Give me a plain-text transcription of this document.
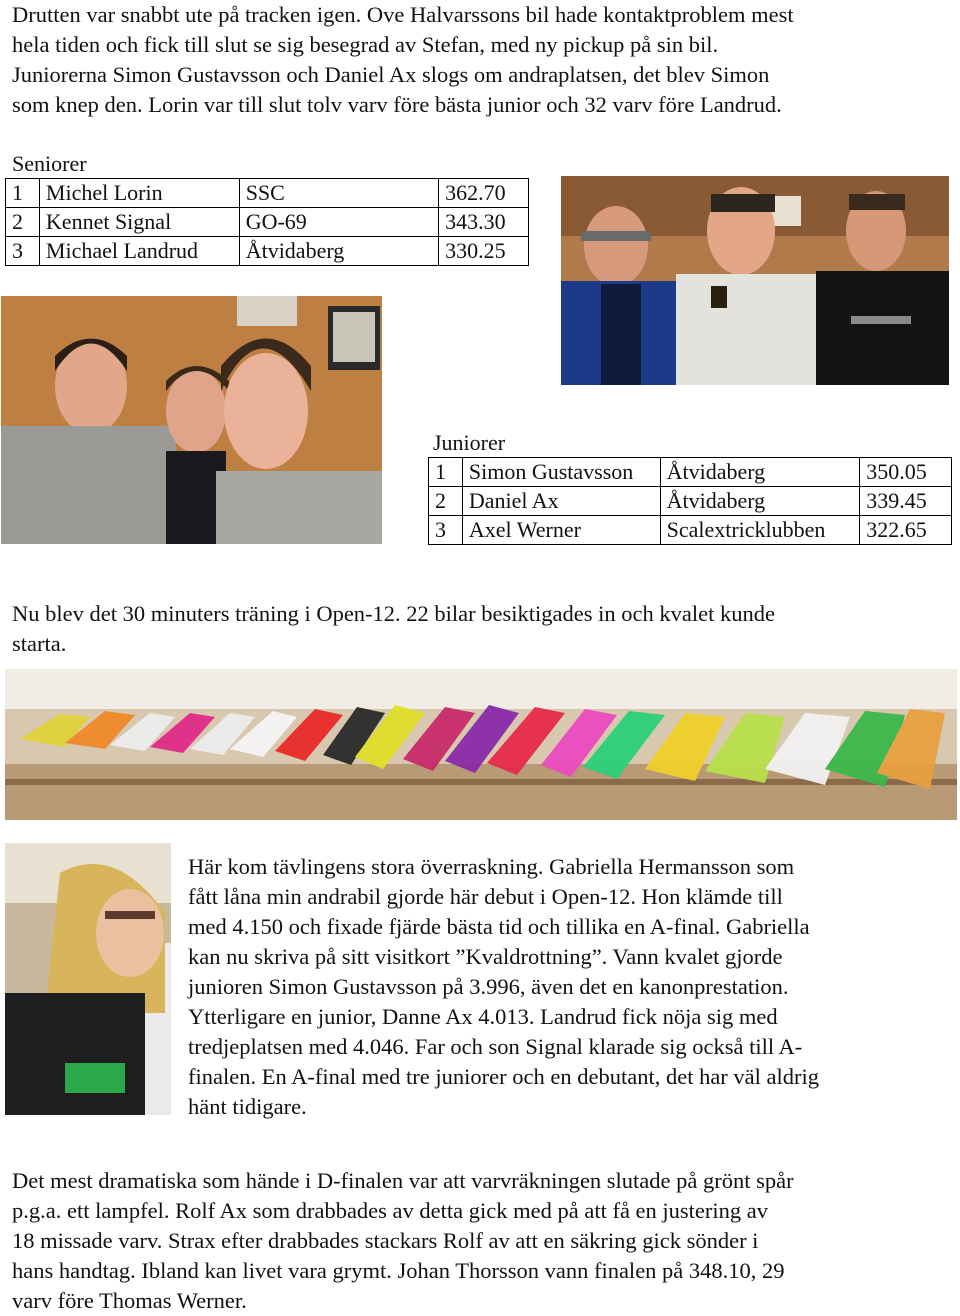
Drutten var snabbt ute på tracken igen. Ove Halvarssons bil hade kontaktproblem mest
hela tiden och fick till slut se sig besegrad av Stefan, med ny pickup på sin bil.
Juniorerna Simon Gustavsson och Daniel Ax slogs om andraplatsen, det blev Simon
som knep den. Lorin var till slut tolv varv före bästa junior och 32 varv före Landrud.
Seniorer
1	Michel Lorin	SSC	362.70
2	Kennet Signal	GO-69	343.30
3	Michael Landrud	Åtvidaberg	330.25
Juniorer
1	Simon Gustavsson	Åtvidaberg	350.05
2	Daniel Ax	Åtvidaberg	339.45
3	Axel Werner	Scalextricklubben	322.65
Nu blev det 30 minuters träning i Open-12. 22 bilar besiktigades in och kvalet kunde
starta.
Här kom tävlingens stora överraskning. Gabriella Hermansson som
fått låna min andrabil gjorde här debut i Open-12. Hon klämde till
med 4.150 och fixade fjärde bästa tid och tillika en A-final. Gabriella
kan nu skriva på sitt visitkort ”Kvaldrottning”. Vann kvalet gjorde
junioren Simon Gustavsson på 3.996, även det en kanonprestation.
Ytterligare en junior, Danne Ax 4.013. Landrud fick nöja sig med
tredjeplatsen med 4.046. Far och son Signal klarade sig också till A-
finalen. En A-final med tre juniorer och en debutant, det har väl aldrig
hänt tidigare.
Det mest dramatiska som hände i D-finalen var att varvräkningen slutade på grönt spår
p.g.a. ett lampfel. Rolf Ax som drabbades av detta gick med på att få en justering av
18 missade varv. Strax efter drabbades stackars Rolf av att en säkring gick sönder i
hans handtag. Ibland kan livet vara grymt. Johan Thorsson vann finalen på 348.10, 29
varv före Thomas Werner.
